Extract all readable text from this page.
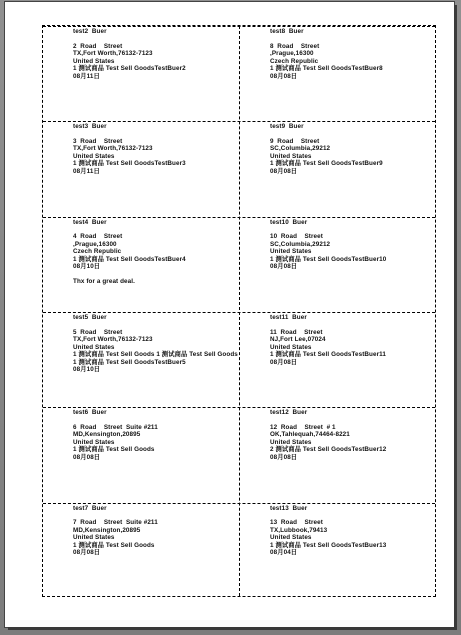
test2  Buer
2  Road    Street
TX,Fort Worth,76132-7123
United States
1 测试商品 Test Sell GoodsTestBuer2
08月11日
test8  Buer
8  Road    Street
,Prague,16300
Czech Republic
1 测试商品 Test Sell GoodsTestBuer8
08月08日
test3  Buer
3  Road    Street
TX,Fort Worth,76132-7123
United States
1 测试商品 Test Sell GoodsTestBuer3
08月11日
test9  Buer
9  Road    Street
SC,Columbia,29212
United States
1 测试商品 Test Sell GoodsTestBuer9
08月08日
test4  Buer
4  Road    Street
,Prague,16300
Czech Republic
1 测试商品 Test Sell GoodsTestBuer4
08月10日
Thx for a great deal.
test10  Buer
10  Road    Street
SC,Columbia,29212
United States
1 测试商品 Test Sell GoodsTestBuer10
08月08日
test5  Buer
5  Road    Street
TX,Fort Worth,76132-7123
United States
1 测试商品 Test Sell Goods 1 测试商品 Test Sell Goods 1 测试商品 Test Sell GoodsTestBuer5
08月10日
test11  Buer
11  Road    Street
NJ,Fort Lee,07024
United States
1 测试商品 Test Sell GoodsTestBuer11
08月08日
test6  Buer
6  Road    Street  Suite #211
MD,Kensington,20895
United States
1 测试商品 Test Sell Goods
08月08日
test12  Buer
12  Road    Street  # 1
OK,Tahlequah,74464-8221
United States
2 测试商品 Test Sell GoodsTestBuer12
08月08日
test7  Buer
7  Road    Street  Suite #211
MD,Kensington,20895
United States
1 测试商品 Test Sell Goods
08月08日
test13  Buer
13  Road    Street
TX,Lubbook,79413
United States
1 测试商品 Test Sell GoodsTestBuer13
08月04日
